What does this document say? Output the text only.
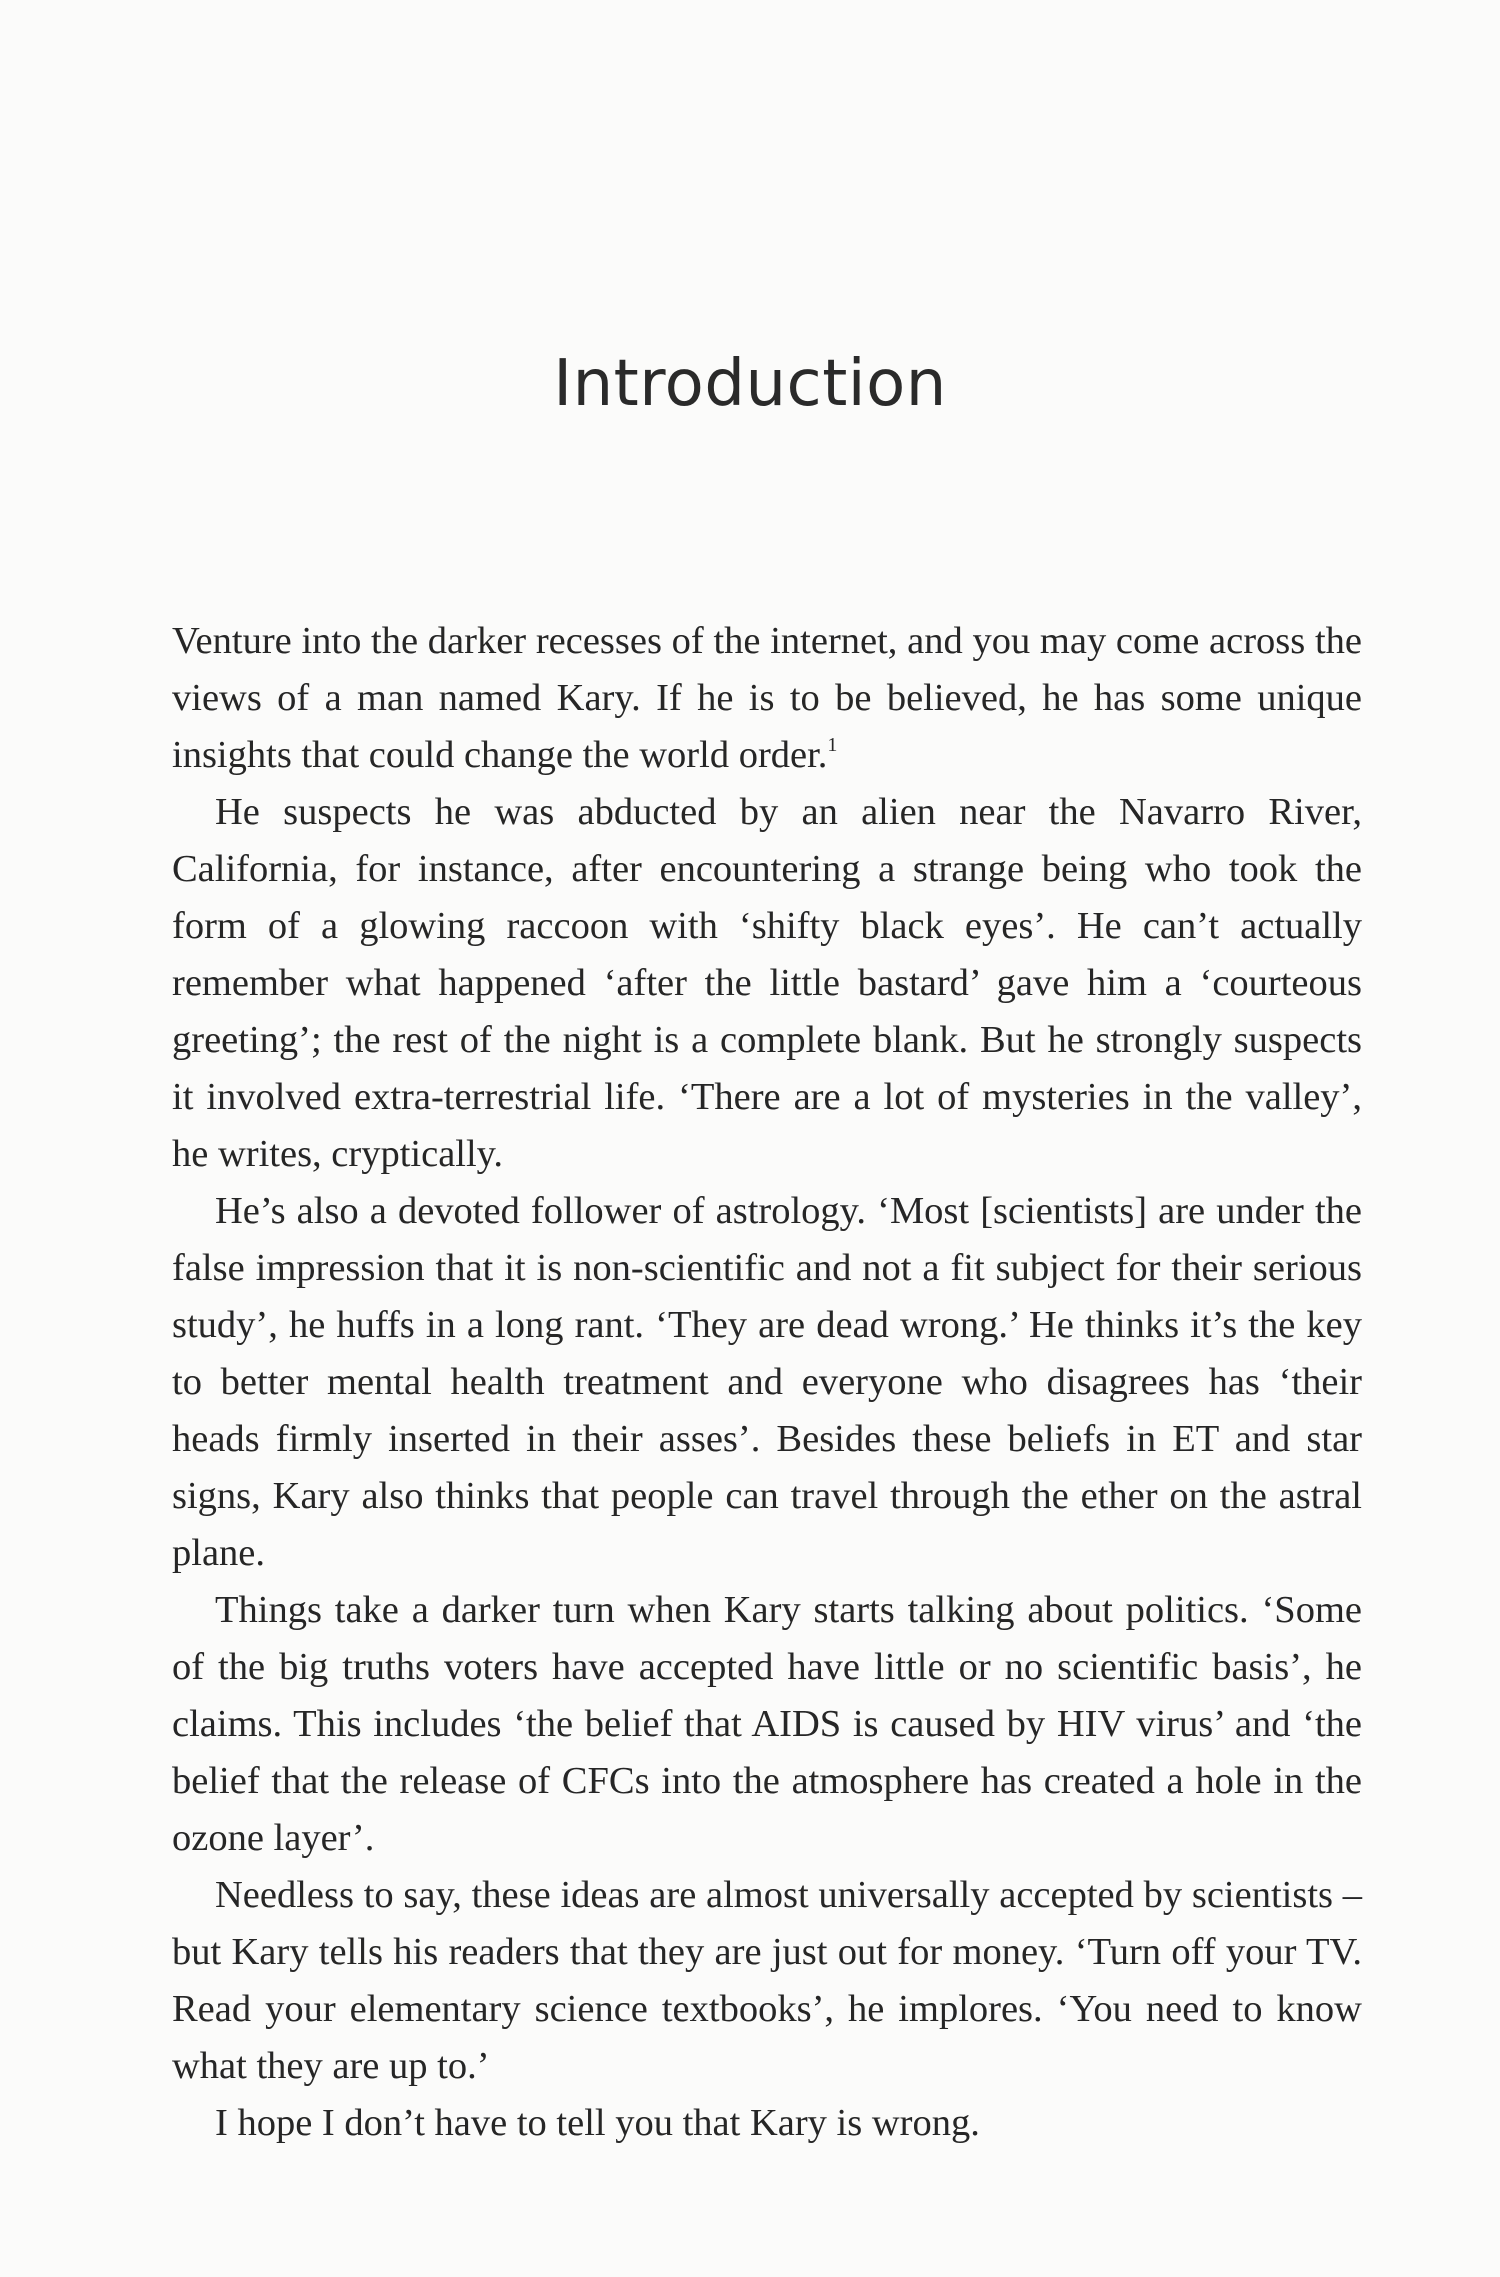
Introduction

Venture into the darker recesses of the internet, and you may come across the views of a man named Kary. If he is to be believed, he has some unique insights that could change the world order.$^1$

He suspects he was abducted by an alien near the Navarro River, California, for instance, after encountering a strange being who took the form of a glowing raccoon with ‘shifty black eyes’. He can’t actually remember what happened ‘after the little bastard’ gave him a ‘courteous greeting’; the rest of the night is a complete blank. But he strongly suspects it involved extra-terrestrial life. ‘There are a lot of mysteries in the valley’, he writes, cryptically.

He’s also a devoted follower of astrology. ‘Most [scientists] are under the false impression that it is non-scientific and not a fit subject for their serious study’, he huffs in a long rant. ‘They are dead wrong.’ He thinks it’s the key to better mental health treatment and everyone who disagrees has ‘their heads firmly inserted in their asses’. Besides these beliefs in ET and star signs, Kary also thinks that people can travel through the ether on the astral plane.

Things take a darker turn when Kary starts talking about politics. ‘Some of the big truths voters have accepted have little or no scientific basis’, he claims. This includes ‘the belief that AIDS is caused by HIV virus’ and ‘the belief that the release of CFCs into the atmosphere has created a hole in the ozone layer’.

Needless to say, these ideas are almost universally accepted by scientists – but Kary tells his readers that they are just out for money. ‘Turn off your TV. Read your elementary science textbooks’, he implores. ‘You need to know what they are up to.’

I hope I don’t have to tell you that Kary is wrong.
